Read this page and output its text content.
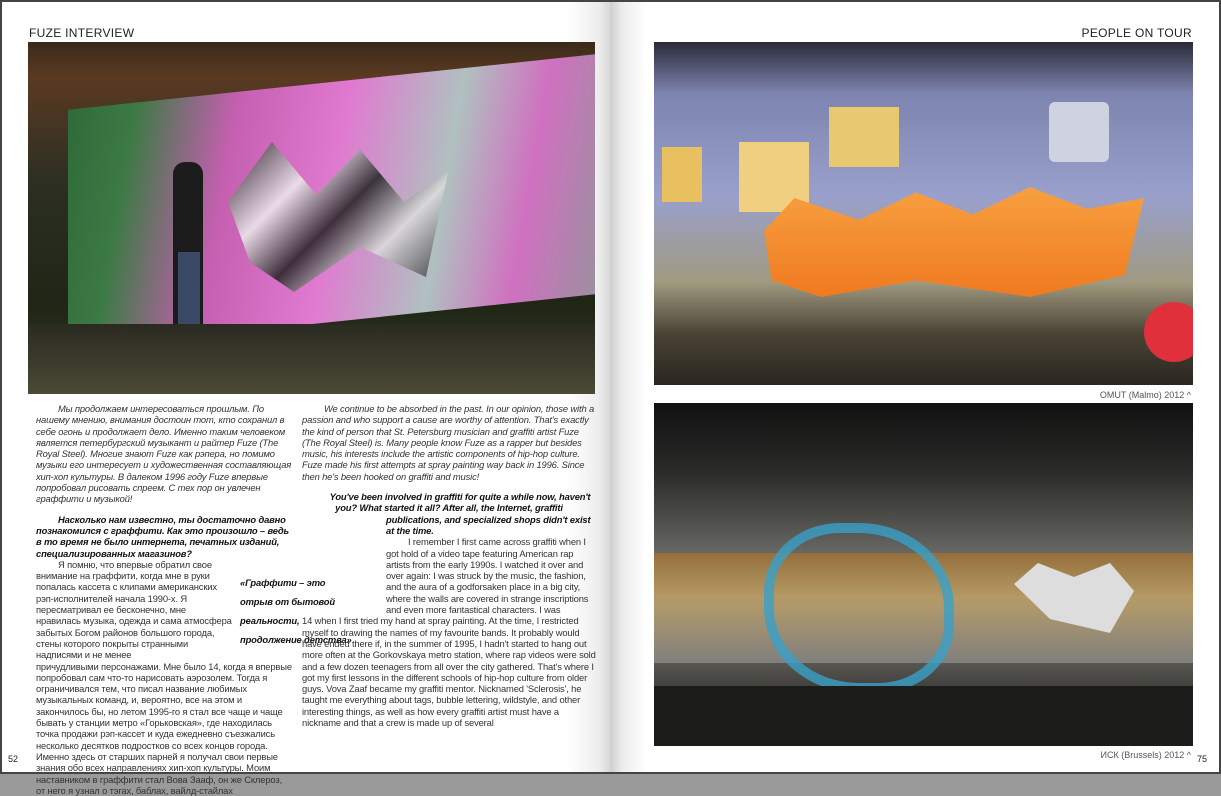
FUZE INTERVIEW
Мы продолжаем интересоваться прошлым. По нашему мнению, внимания достоин тот, кто сохранил в себе огонь и продолжает дело. Именно таким человеком является петербургский музыкант и райтер Fuze (The Royal Steel). Многие знают Fuze как рэпера, но помимо музыки его интересует и художественная составляющая хип-хоп культуры. В далеком 1996 году Fuze впервые попробовал рисовать спреем. С тех пор он увлечен граффити и музыкой!
Насколько нам известно, ты достаточно давно познакомился с граффити. Как это произошло – ведь в то время не было интернета, печатных изданий, специализированных магазинов?
Я помню, что впервые обратил свое внимание на граффити, когда мне в руки попалась кассета с клипами американских рэп-исполнителей начала 1990-х. Я пересматривал ее бесконечно, мне нравилась музыка, одежда и сама атмосфера забытых Богом районов большого города, стены которого покрыты странными надписями и не менее
«Граффити – это отрыв от бытовой реальности, продолжение детства»
причудливыми персонажами. Мне было 14, когда я впервые попробовал сам что-то нарисовать аэрозолем. Тогда я ограничивался тем, что писал название любимых музыкальных команд, и, вероятно, все на этом и закончилось бы, но летом 1995-го я стал все чаще и чаще бывать у станции метро «Горьковская», где находилась точка продажи рэп-кассет и куда ежедневно съезжались несколько десятков подростков со всех концов города. Именно здесь от старших парней я получал свои первые знания обо всех направлениях хип-хоп культуры. Моим наставником в граффити стал Вова Зааф, он же Склероз, от него я узнал о тэгах, баблах, вайлд-стайлах
We continue to be absorbed in the past. In our opinion, those with a passion and who support a cause are worthy of attention. That's exactly the kind of person that St. Petersburg musician and graffiti artist Fuze (The Royal Steel) is. Many people know Fuze as a rapper but besides music, his interests include the artistic components of hip-hop culture. Fuze made his first attempts at spray painting way back in 1996. Since then he's been hooked on graffiti and music!
You've been involved in graffiti for quite a while now, haven't you? What started it all? After all, the Internet, graffiti
publications, and specialized shops didn't exist at the time.
I remember I first came across graffiti when I got hold of a video tape featuring American rap artists from the early 1990s. I watched it over and over again: I was struck by the music, the fashion, and the aura of a godforsaken place in a big city, where the walls are covered in strange inscriptions and even more fantastical characters. I was
14 when I first tried my hand at spray painting. At the time, I restricted myself to drawing the names of my favourite bands. It probably would have ended there if, in the summer of 1995, I hadn't started to hang out more often at the Gorkovskaya metro station, where rap videos were sold and a few dozen teenagers from all over the city gathered. That's where I got my first lessons in the different schools of hip-hop culture from older guys. Vova Zaaf became my graffiti mentor. Nicknamed 'Sclerosis', he taught me everything about tags, bubble lettering, wildstyle, and other interesting things, as well as how every graffiti artist must have a nickname and that a crew is made up of several
52
PEOPLE ON TOUR
OMUT (Malmo) 2012 ^
ИСК (Brussels) 2012 ^ 75
